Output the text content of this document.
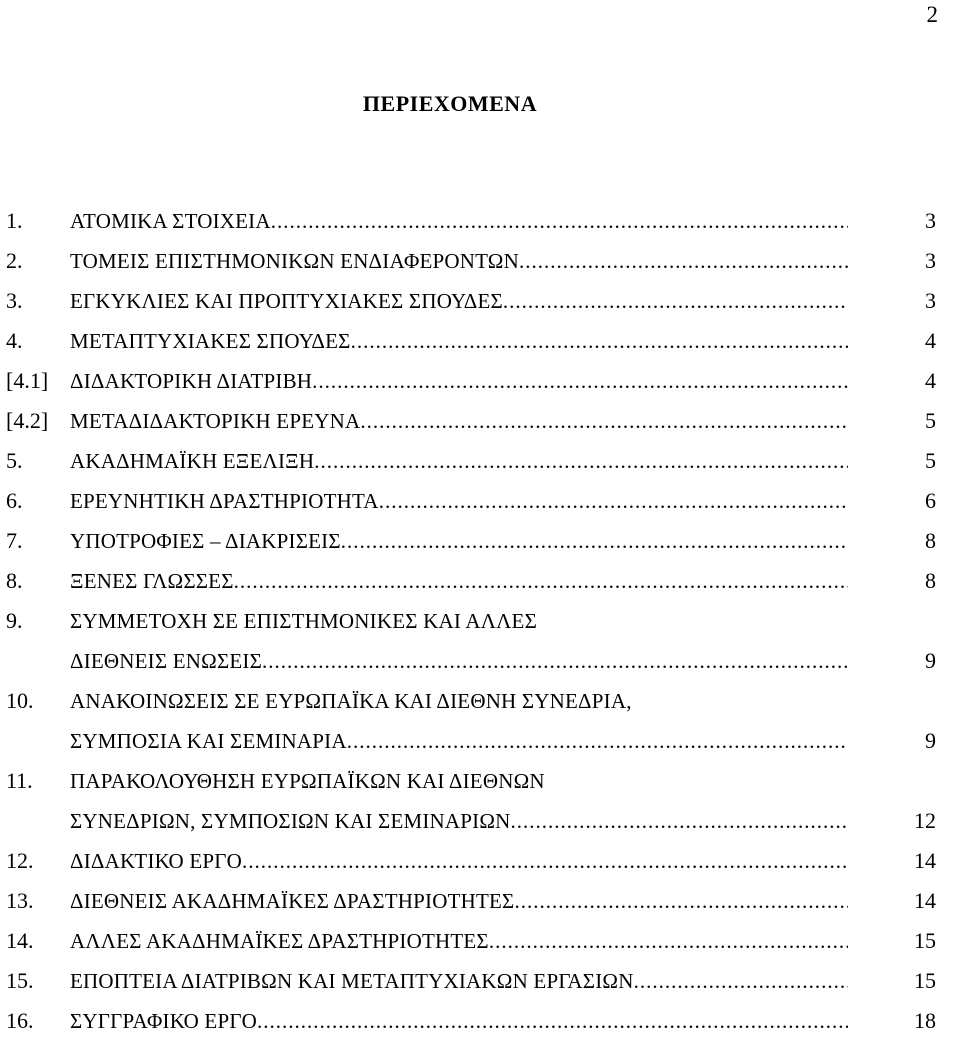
2
ΠΕΡΙΕΧΟΜΕΝΑ
1. ΑΤΟΜΙΚΑ ΣΤΟΙΧΕΙΑ .....	3
2. ΤΟΜΕΙΣ ΕΠΙΣΤΗΜΟΝΙΚΩΝ ΕΝΔΙΑΦΕΡΟΝΤΩΝ .....	3
3. ΕΓΚΥΚΛΙΕΣ ΚΑΙ ΠΡΟΠΤΥΧΙΑΚΕΣ ΣΠΟΥΔΕΣ .....	3
4. ΜΕΤΑΠΤΥΧΙΑΚΕΣ ΣΠΟΥΔΕΣ .....	4
[4.1] ΔΙΔΑΚΤΟΡΙΚΗ ΔΙΑΤΡΙΒΗ .....	4
[4.2] ΜΕΤΑΔΙΔΑΚΤΟΡΙΚΗ ΕΡΕΥΝΑ .....	5
5. ΑΚΑΔΗΜΑΪΚΗ ΕΞΕΛΙΞΗ .....	5
6. ΕΡΕΥΝΗΤΙΚΗ ΔΡΑΣΤΗΡΙΟΤΗΤΑ .....	6
7. ΥΠΟΤΡΟΦΙΕΣ – ΔΙΑΚΡΙΣΕΙΣ .....	8
8. ΞΕΝΕΣ ΓΛΩΣΣΕΣ .....	8
9. ΣΥΜΜΕΤΟΧΗ ΣΕ ΕΠΙΣΤΗΜΟΝΙΚΕΣ ΚΑΙ ΑΛΛΕΣ
ΔΙΕΘΝΕΙΣ ΕΝΩΣΕΙΣ .....	9
10. ΑΝΑΚΟΙΝΩΣΕΙΣ ΣΕ ΕΥΡΩΠΑΪΚΑ ΚΑΙ ΔΙΕΘΝΗ ΣΥΝΕΔΡΙΑ,
ΣΥΜΠΟΣΙΑ ΚΑΙ ΣΕΜΙΝΑΡΙΑ .....	9
11. ΠΑΡΑΚΟΛΟΥΘΗΣΗ ΕΥΡΩΠΑΪΚΩΝ ΚΑΙ ΔΙΕΘΝΩΝ
ΣΥΝΕΔΡΙΩΝ, ΣΥΜΠΟΣΙΩΝ ΚΑΙ ΣΕΜΙΝΑΡΙΩΝ .....	12
12. ΔΙΔΑΚΤΙΚΟ ΕΡΓΟ .....	14
13. ΔΙΕΘΝΕΙΣ ΑΚΑΔΗΜΑΪΚΕΣ ΔΡΑΣΤΗΡΙΟΤΗΤΕΣ .....	14
14. ΑΛΛΕΣ ΑΚΑΔΗΜΑΪΚΕΣ ΔΡΑΣΤΗΡΙΟΤΗΤΕΣ .....	15
15. ΕΠΟΠΤΕΙΑ ΔΙΑΤΡΙΒΩΝ ΚΑΙ ΜΕΤΑΠΤΥΧΙΑΚΩΝ ΕΡΓΑΣΙΩΝ .....	15
16. ΣΥΓΓΡΑΦΙΚΟ ΕΡΓΟ .....	18
